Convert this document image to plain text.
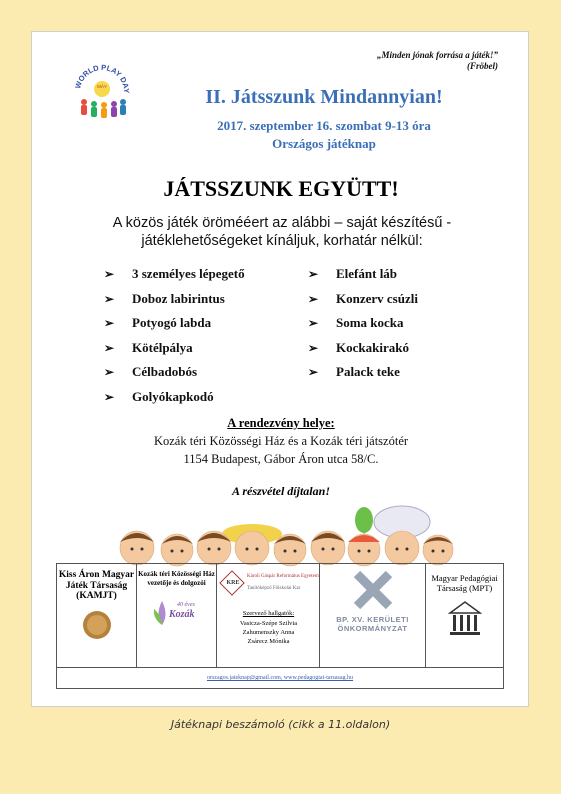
„Minden jónak forrása a játék!”
(Fröbel)
WORLD PLAY DAY
MÁY	II. Játsszunk Mindannyian!
2017. szeptember 16. szombat 9-13 óra
Országos játéknap
JÁTSSZUNK EGYÜTT!
A közös játék örömééert az alábbi – saját készítésű -
játéklehetőségeket kínáljuk, korhatár nélkül:
➢ 3 személyes lépegető
➢ Doboz labirintus
➢ Potyogó labda
➢ Kötélpálya
➢ Célbadobós
➢ Golyókapkodó
➢ Elefánt láb
➢ Konzerv csúzli
➢ Soma kocka
➢ Kockakirakó
➢ Palack teke
A rendezvény helye:
Kozák téri Közösségi Ház és a Kozák téri játszótér
1154 Budapest, Gábor Áron utca 58/C.
A részvétel díjtalan!
Kiss Áron Magyar Játék Társaság (KAMJT)
Kozák téri Közösségi Ház vezetője és dolgozói
40 éves
Kozák
KRE
Károli Gáspár Református Egyetem
Tanítóképző Főiskolai Kar
Szervező hallgatók:
Vasicza-Szépe Szilvia
Zahumenszky Anna
Zsárecz Mónika
BP. XV. KERÜLETI
ÖNKORMÁNYZAT
Magyar Pedagógiai Társaság (MPT)
orszagos.jateknap@gmail.com, www.pedagogiai-tarsasag.hu
Játéknapi beszámoló (cikk a 11.oldalon)
